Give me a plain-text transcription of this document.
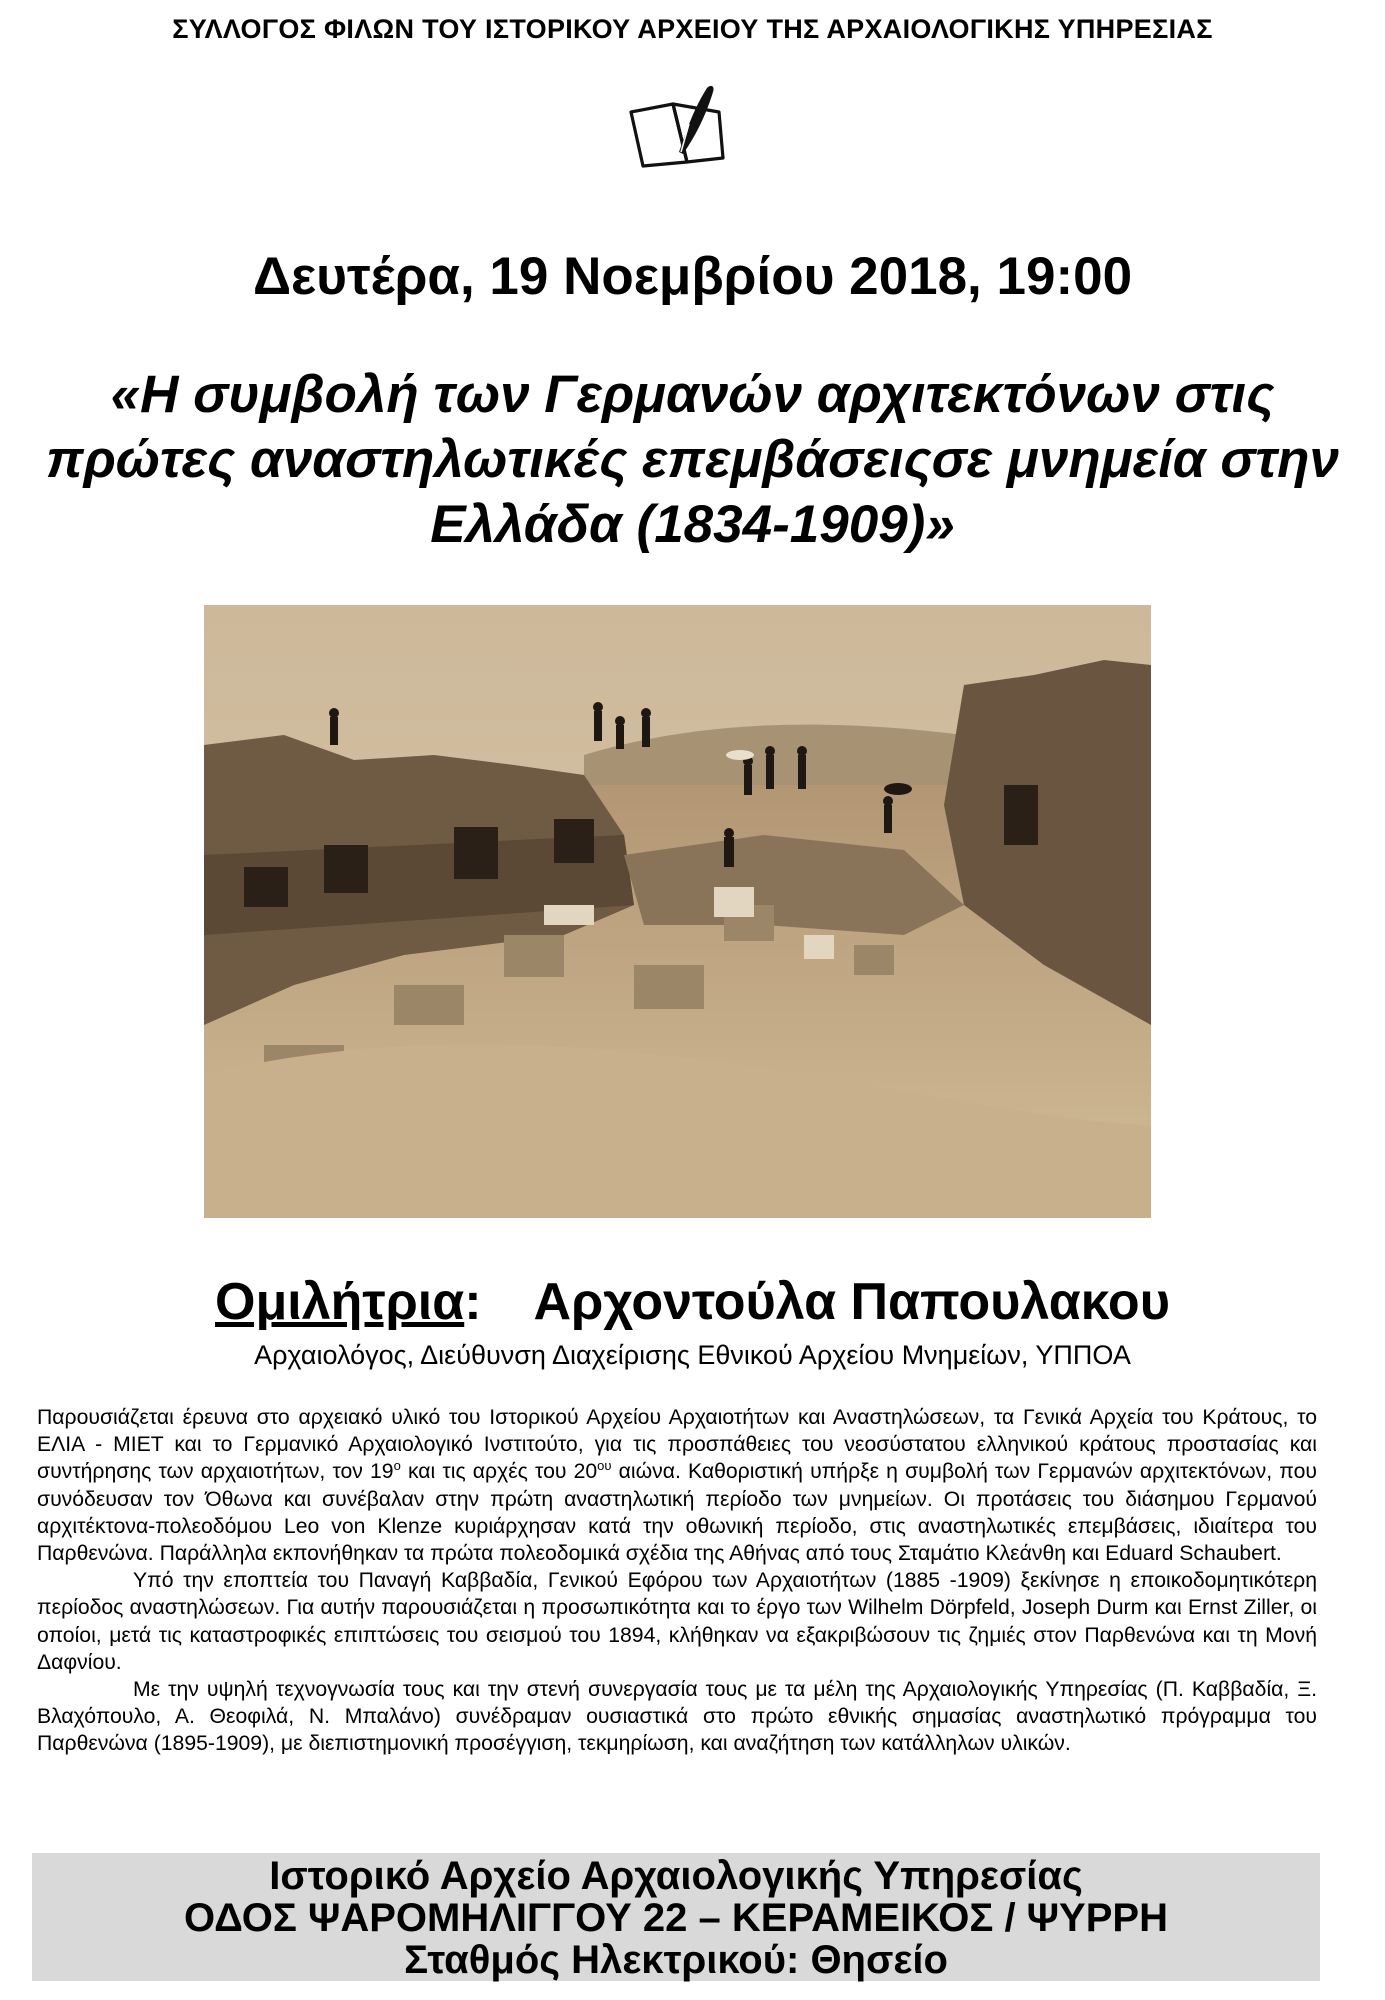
ΣΥΛΛΟΓΟΣ ΦΙΛΩΝ ΤΟΥ ΙΣΤΟΡΙΚΟΥ ΑΡΧΕΙΟΥ ΤΗΣ ΑΡΧΑΙΟΛΟΓΙΚΗΣ ΥΠΗΡΕΣΙΑΣ
Δευτέρα, 19 Νοεμβρίου 2018, 19:00
«Η συμβολή των Γερμανών αρχιτεκτόνων στις
πρώτες αναστηλωτικές επεμβάσειςσε μνημεία στην
Ελλάδα (1834-1909)»
Ομιλήτρια: Αρχοντούλα Παπουλακου
Αρχαιολόγος, Διεύθυνση Διαχείρισης Εθνικού Αρχείου Μνημείων, ΥΠΠΟΑ

Παρουσιάζεται έρευνα στο αρχειακό υλικό του Ιστορικού Αρχείου Αρχαιοτήτων και Αναστηλώσεων, τα Γενικά Αρχεία του Κράτους, το ΕΛΙΑ - ΜΙΕΤ και το Γερμανικό Αρχαιολογικό Ινστιτούτο, για τις προσπάθειες του νεοσύστατου ελληνικού κράτους προστασίας και συντήρησης των αρχαιοτήτων, τον $19^o$ και τις αρχές του $20^{o\upsilon}$ αιώνα. Καθοριστική υπήρξε η συμβολή των Γερμανών αρχιτεκτόνων, που συνόδευσαν τον Όθωνα και συνέβαλαν στην πρώτη αναστηλωτική περίοδο των μνημείων. Οι προτάσεις του διάσημου Γερμανού αρχιτέκτονα-πολεοδόμου Leo von Klenze κυριάρχησαν κατά την οθωνική περίοδο, στις αναστηλωτικές επεμβάσεις, ιδιαίτερα του Παρθενώνα. Παράλληλα εκπονήθηκαν τα πρώτα πολεοδομικά σχέδια της Αθήνας από τους Σταμάτιο Κλεάνθη και Eduard Schaubert.

Υπό την εποπτεία του Παναγή Καββαδία, Γενικού Εφόρου των Αρχαιοτήτων (1885 -1909) ξεκίνησε η εποικοδομητικότερη περίοδος αναστηλώσεων. Για αυτήν παρουσιάζεται η προσωπικότητα και το έργο των Wilhelm Dörpfeld, Joseph Durm και Ernst Ziller, οι οποίοι, μετά τις καταστροφικές επιπτώσεις του σεισμού του 1894, κλήθηκαν να εξακριβώσουν τις ζημιές στον Παρθενώνα και τη Μονή Δαφνίου.

Με την υψηλή τεχνογνωσία τους και την στενή συνεργασία τους με τα μέλη της Αρχαιολογικής Υπηρεσίας (Π. Καββαδία, Ξ. Βλαχόπουλο, Α. Θεοφιλά, Ν. Μπαλάνο) συνέδραμαν ουσιαστικά στο πρώτο εθνικής σημασίας αναστηλωτικό πρόγραμμα του Παρθενώνα (1895-1909), με διεπιστημονική προσέγγιση, τεκμηρίωση, και αναζήτηση των κατάλληλων υλικών.

Ιστορικό Αρχείο Αρχαιολογικής Υπηρεσίας
ΟΔΟΣ ΨΑΡΟΜΗΛΙΓΓΟΥ 22 – ΚΕΡΑΜΕΙΚΟΣ / ΨΥΡΡΗ
Σταθμός Ηλεκτρικού: Θησείο
